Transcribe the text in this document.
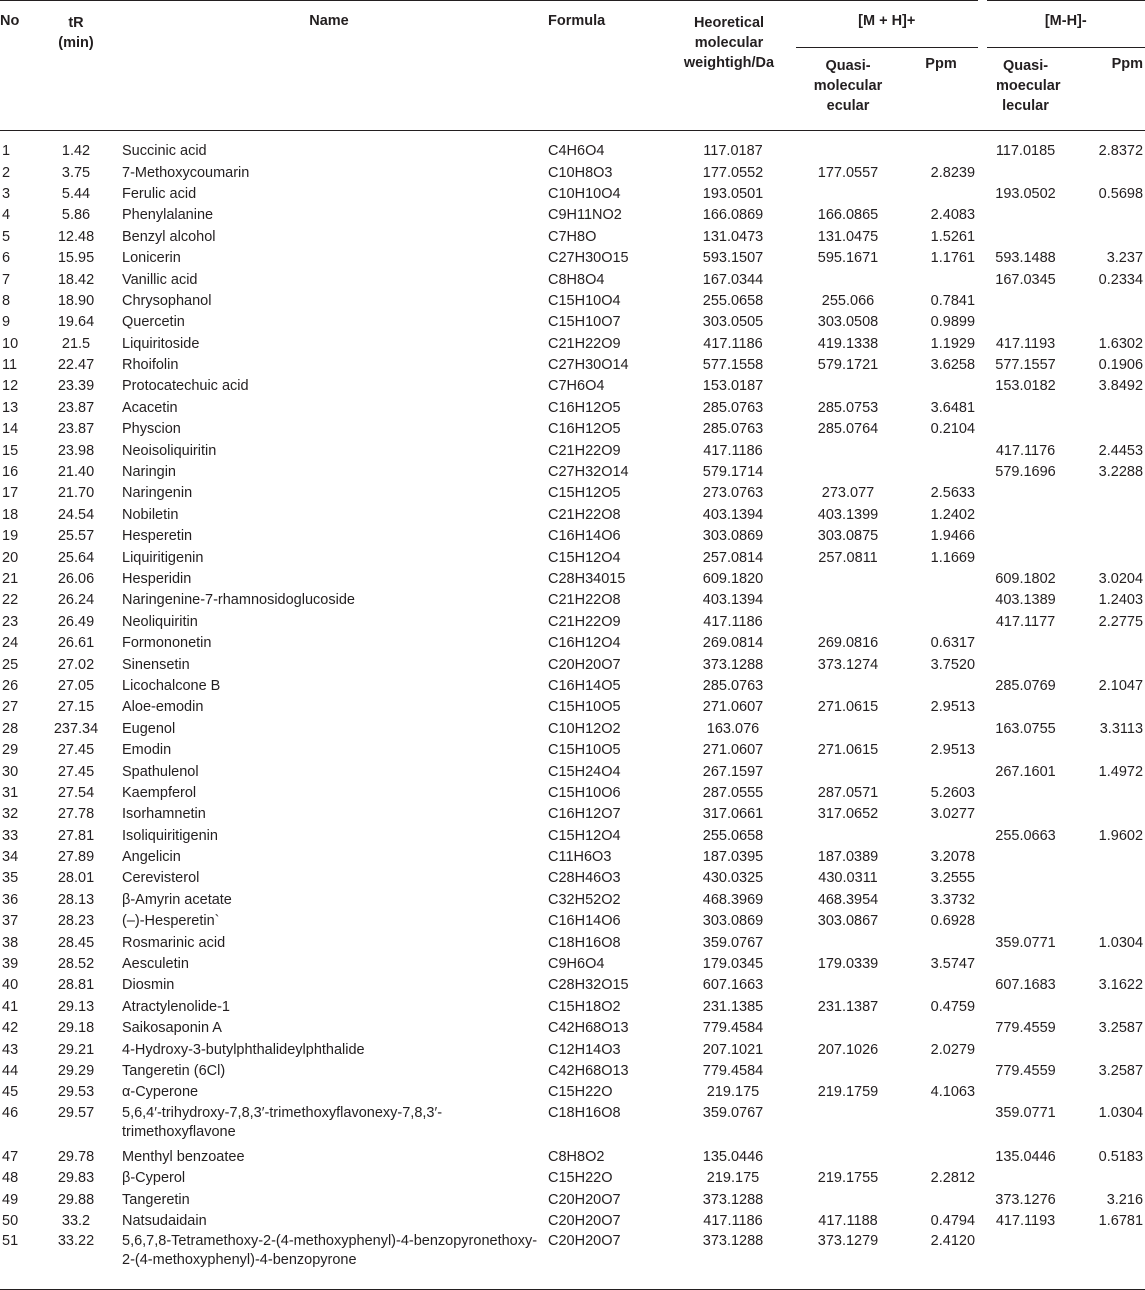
No	tR
(min)	Name	Formula	Heoretical molecular weightigh/Da	[M + H]+		[M-H]-	
					Quasi-molecular ecular	Ppm	Quasi-moecular lecular	Ppm
1	1.42	Succinic acid	C4H6O4	117.0187			117.0185	2.8372
2	3.75	7-Methoxycoumarin	C10H8O3	177.0552	177.0557	2.8239		
3	5.44	Ferulic acid	C10H10O4	193.0501			193.0502	0.5698
4	5.86	Phenylalanine	C9H11NO2	166.0869	166.0865	2.4083		
5	12.48	Benzyl alcohol	C7H8O	131.0473	131.0475	1.5261		
6	15.95	Lonicerin	C27H30O15	593.1507	595.1671	1.1761	593.1488	3.237
7	18.42	Vanillic acid	C8H8O4	167.0344			167.0345	0.2334
8	18.90	Chrysophanol	C15H10O4	255.0658	255.066	0.7841		
9	19.64	Quercetin	C15H10O7	303.0505	303.0508	0.9899		
10	21.5	Liquiritoside	C21H22O9	417.1186	419.1338	1.1929	417.1193	1.6302
11	22.47	Rhoifolin	C27H30O14	577.1558	579.1721	3.6258	577.1557	0.1906
12	23.39	Protocatechuic acid	C7H6O4	153.0187			153.0182	3.8492
13	23.87	Acacetin	C16H12O5	285.0763	285.0753	3.6481		
14	23.87	Physcion	C16H12O5	285.0763	285.0764	0.2104		
15	23.98	Neoisoliquiritin	C21H22O9	417.1186			417.1176	2.4453
16	21.40	Naringin	C27H32O14	579.1714			579.1696	3.2288
17	21.70	Naringenin	C15H12O5	273.0763	273.077	2.5633		
18	24.54	Nobiletin	C21H22O8	403.1394	403.1399	1.2402		
19	25.57	Hesperetin	C16H14O6	303.0869	303.0875	1.9466		
20	25.64	Liquiritigenin	C15H12O4	257.0814	257.0811	1.1669		
21	26.06	Hesperidin	C28H34015	609.1820			609.1802	3.0204
22	26.24	Naringenine-7-rhamnosidoglucoside	C21H22O8	403.1394			403.1389	1.2403
23	26.49	Neoliquiritin	C21H22O9	417.1186			417.1177	2.2775
24	26.61	Formononetin	C16H12O4	269.0814	269.0816	0.6317		
25	27.02	Sinensetin	C20H20O7	373.1288	373.1274	3.7520		
26	27.05	Licochalcone B	C16H14O5	285.0763			285.0769	2.1047
27	27.15	Aloe-emodin	C15H10O5	271.0607	271.0615	2.9513		
28	237.34	Eugenol	C10H12O2	163.076			163.0755	3.3113
29	27.45	Emodin	C15H10O5	271.0607	271.0615	2.9513		
30	27.45	Spathulenol	C15H24O4	267.1597			267.1601	1.4972
31	27.54	Kaempferol	C15H10O6	287.0555	287.0571	5.2603		
32	27.78	Isorhamnetin	C16H12O7	317.0661	317.0652	3.0277		
33	27.81	Isoliquiritigenin	C15H12O4	255.0658			255.0663	1.9602
34	27.89	Angelicin	C11H6O3	187.0395	187.0389	3.2078		
35	28.01	Cerevisterol	C28H46O3	430.0325	430.0311	3.2555		
36	28.13	β-Amyrin acetate	C32H52O2	468.3969	468.3954	3.3732		
37	28.23	(–)-Hesperetin`	C16H14O6	303.0869	303.0867	0.6928		
38	28.45	Rosmarinic acid	C18H16O8	359.0767			359.0771	1.0304
39	28.52	Aesculetin	C9H6O4	179.0345	179.0339	3.5747		
40	28.81	Diosmin	C28H32O15	607.1663			607.1683	3.1622
41	29.13	Atractylenolide-1	C15H18O2	231.1385	231.1387	0.4759		
42	29.18	Saikosaponin A	C42H68O13	779.4584			779.4559	3.2587
43	29.21	4-Hydroxy-3-butylphthalideylphthalide	C12H14O3	207.1021	207.1026	2.0279		
44	29.29	Tangeretin (6Cl)	C42H68O13	779.4584			779.4559	3.2587
45	29.53	α-Cyperone	C15H22O	219.175	219.1759	4.1063		
46	29.57	5,6,4′-trihydroxy-7,8,3′-trimethoxyflavonexy-7,8,3′-trimethoxyflavone	C18H16O8	359.0767			359.0771	1.0304
47	29.78	Menthyl benzoatee	C8H8O2	135.0446			135.0446	0.5183
48	29.83	β-Cyperol	C15H22O	219.175	219.1755	2.2812		
49	29.88	Tangeretin	C20H20O7	373.1288			373.1276	3.216
50	33.2	Natsudaidain	C20H20O7	417.1186	417.1188	0.4794	417.1193	1.6781
51	33.22	5,6,7,8-Tetramethoxy-2-(4-methoxyphenyl)-4-benzopyronethoxy-2-(4-methoxyphenyl)-4-benzopyrone	C20H20O7	373.1288	373.1279	2.4120		
